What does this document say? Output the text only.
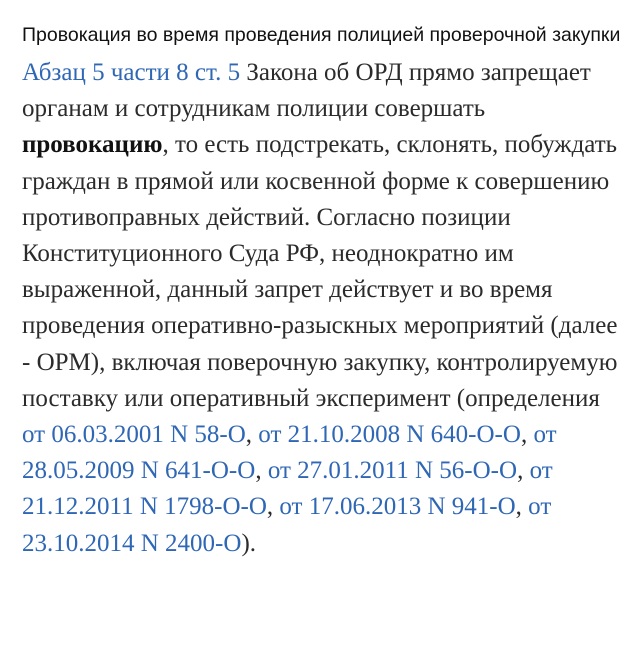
Провокация во время проведения полицией проверочной закупки

Абзац 5 части 8 ст. 5 Закона об ОРД прямо запрещает органам и сотрудникам полиции совершать провокацию, то есть подстрекать, склонять, побуждать граждан в прямой или косвенной форме к совершению противоправных действий. Согласно позиции Конституционного Суда РФ, неоднократно им выраженной, данный запрет действует и во время проведения оперативно-разыскных мероприятий (далее - ОРМ), включая поверочную закупку, контролируемую поставку или оперативный эксперимент (определения от 06.03.2001 N 58-О, от 21.10.2008 N 640-О-О, от 28.05.2009 N 641-О-О, от 27.01.2011 N 56-О-О, от 21.12.2011 N 1798-О-О, от 17.06.2013 N 941-О, от 23.10.2014 N 2400-О).
